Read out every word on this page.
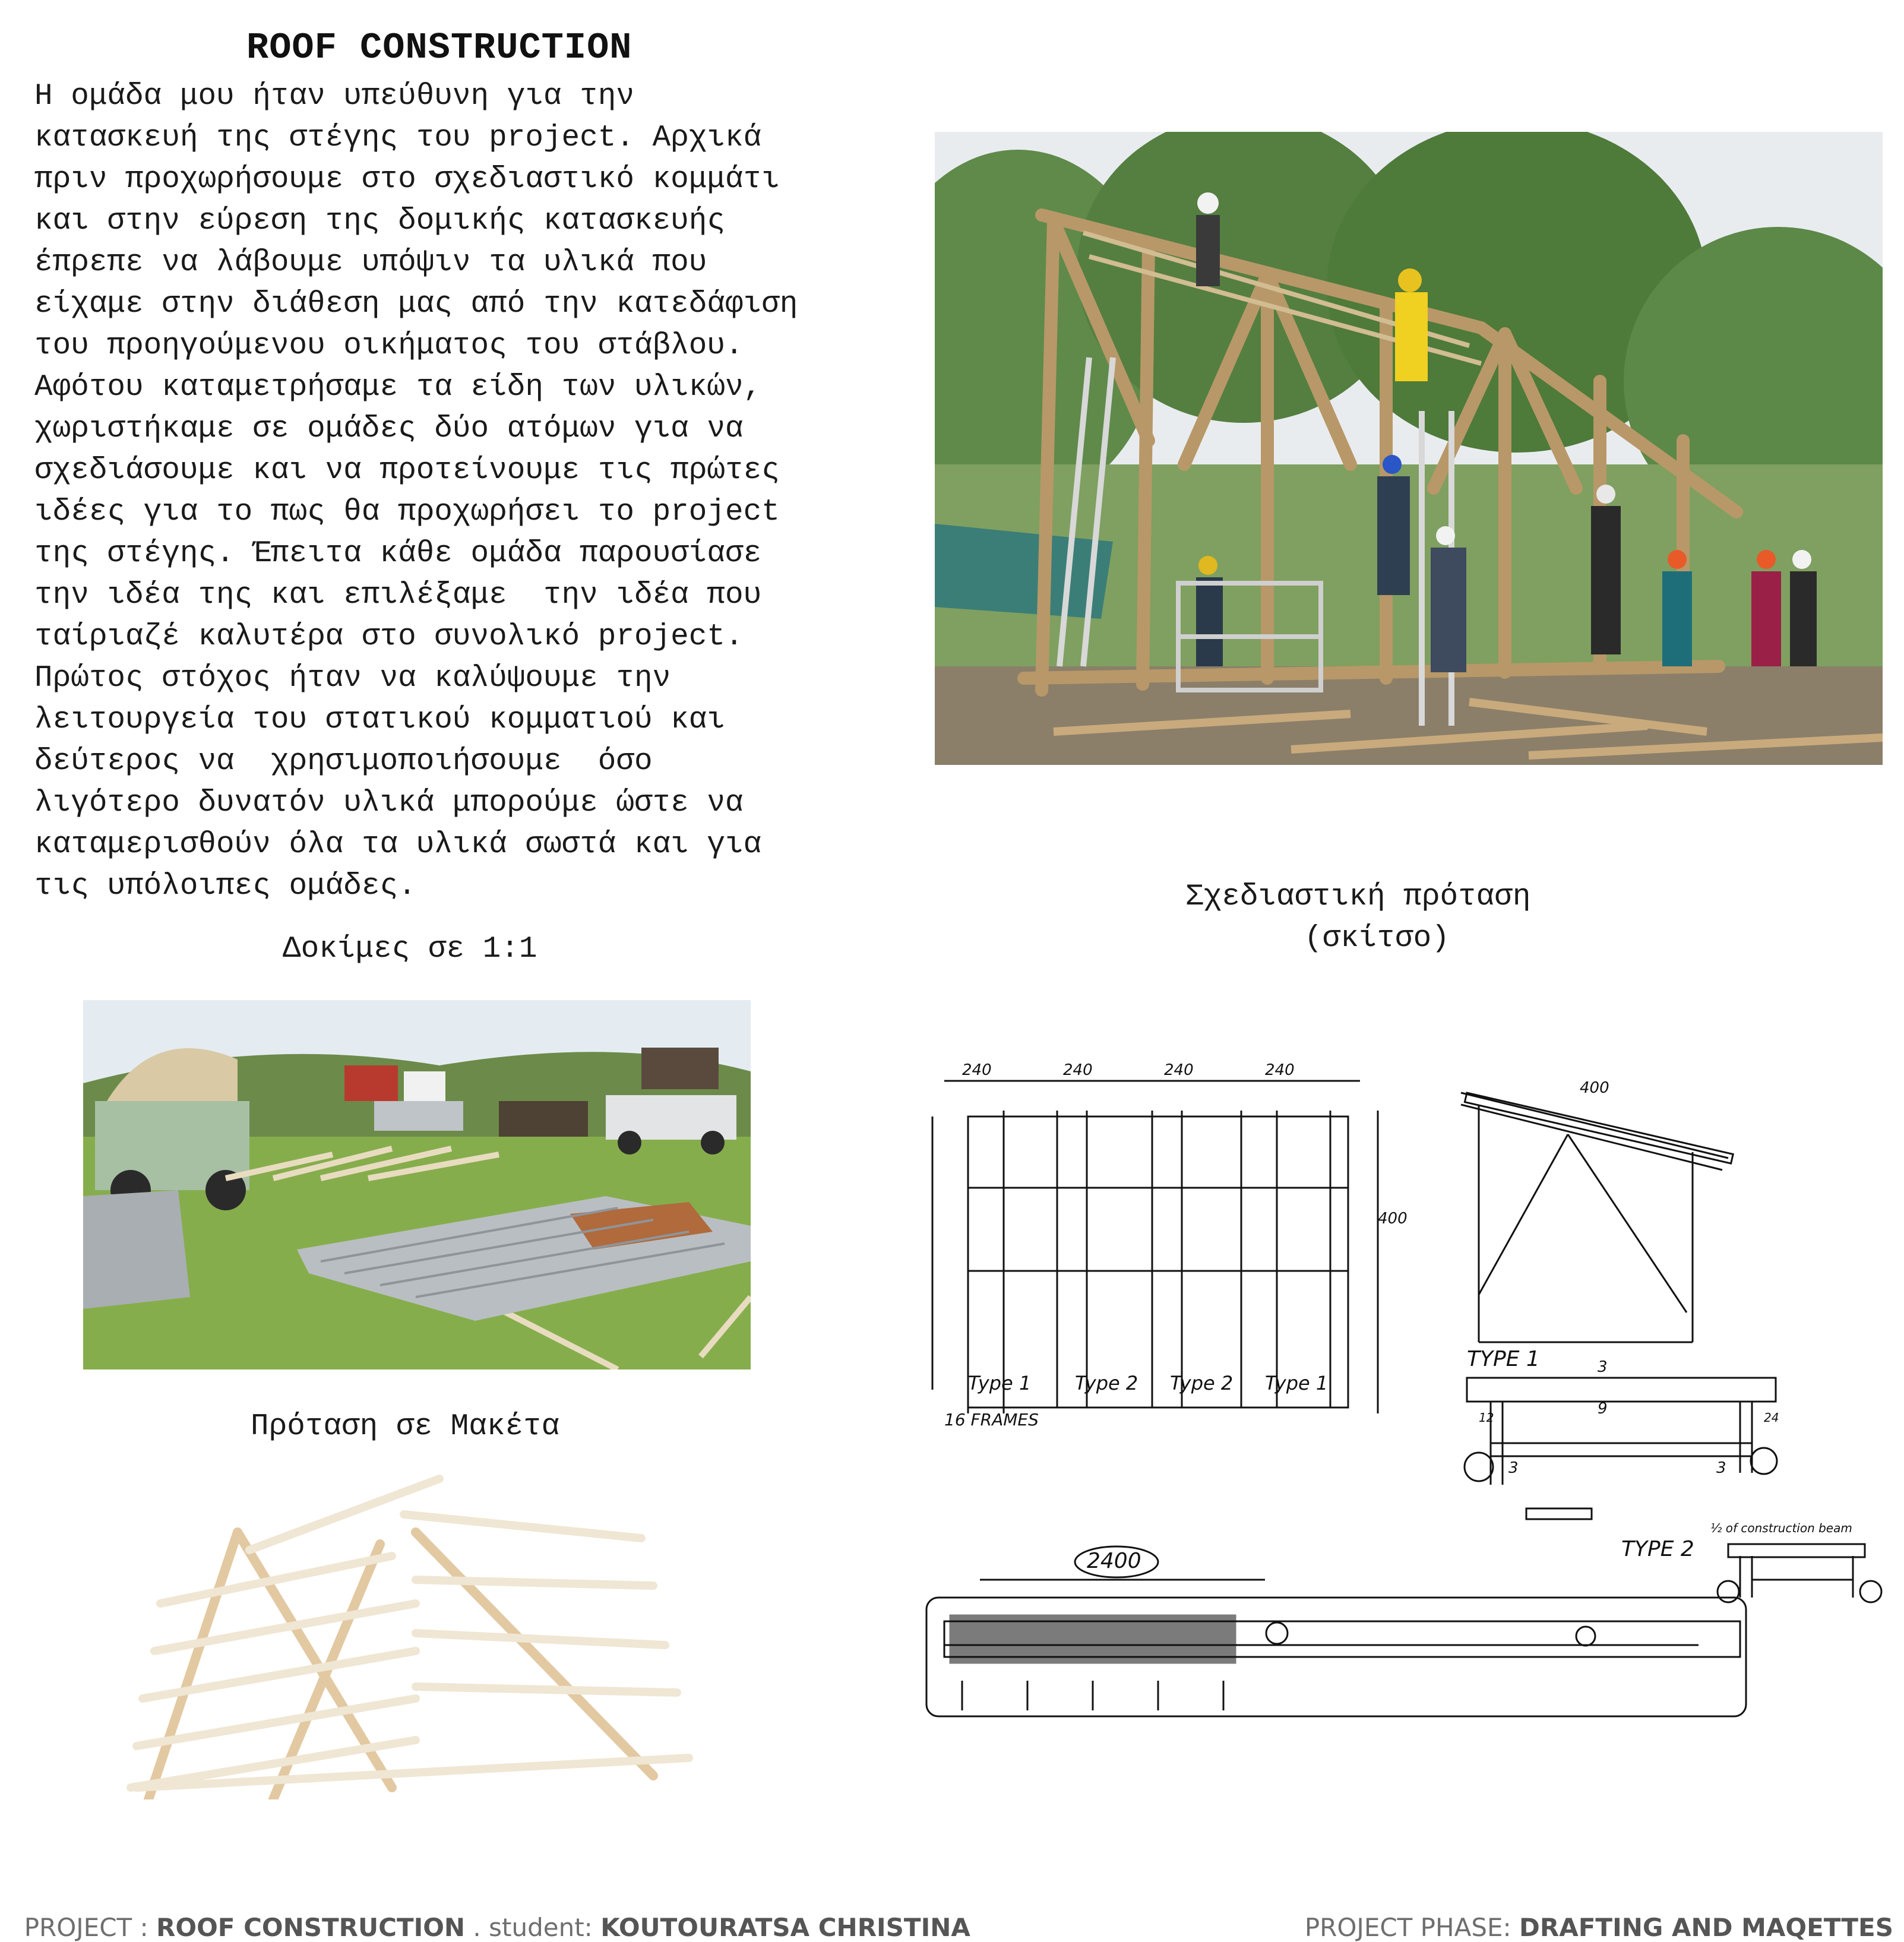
ROOF CONSTRUCTION
Η ομάδα μου ήταν υπεύθυνη για την
κατασκευή της στέγης του project. Αρχικά
πριν προχωρήσουμε στο σχεδιαστικό κομμάτι
και στην εύρεση της δομικής κατασκευής
έπρεπε να λάβουμε υπόψιν τα υλικά που
είχαμε στην διάθεση μας από την κατεδάφιση
του προηγούμενου οικήματος του στάβλου.
Αφότου καταμετρήσαμε τα είδη των υλικών,
χωριστήκαμε σε ομάδες δύο ατόμων για να
σχεδιάσουμε και να προτείνουμε τις πρώτες
ιδέες για το πως θα προχωρήσει το project
της στέγης. Έπειτα κάθε ομάδα παρουσίασε
την ιδέα της και επιλέξαμε  την ιδέα που
ταίριαζέ καλυτέρα στο συνολικό project.
Πρώτος στόχος ήταν να καλύψουμε την
λειτουργεία του στατικού κομματιού και
δεύτερος να  χρησιμοποιήσουμε  όσο
λιγότερο δυνατόν υλικά μπορούμε ώστε να
καταμερισθούν όλα τα υλικά σωστά και για
τις υπόλοιπες ομάδες.	Σχεδιαστική πρόταση
(σκίτσο)
Δοκίμες σε 1:1
Πρόταση σε Μακέτα
240	240	240	240
400
400
Type 1 Type 2 Type 2 Type 1
16 FRAMES
TYPE 1
TYPE 2
½ of construction beam
2400
3
9
3	3
12	24

PROJECT : ROOF CONSTRUCTION . student: KOUTOURATSA CHRISTINA	PROJECT PHASE: DRAFTING AND MAQETTES
